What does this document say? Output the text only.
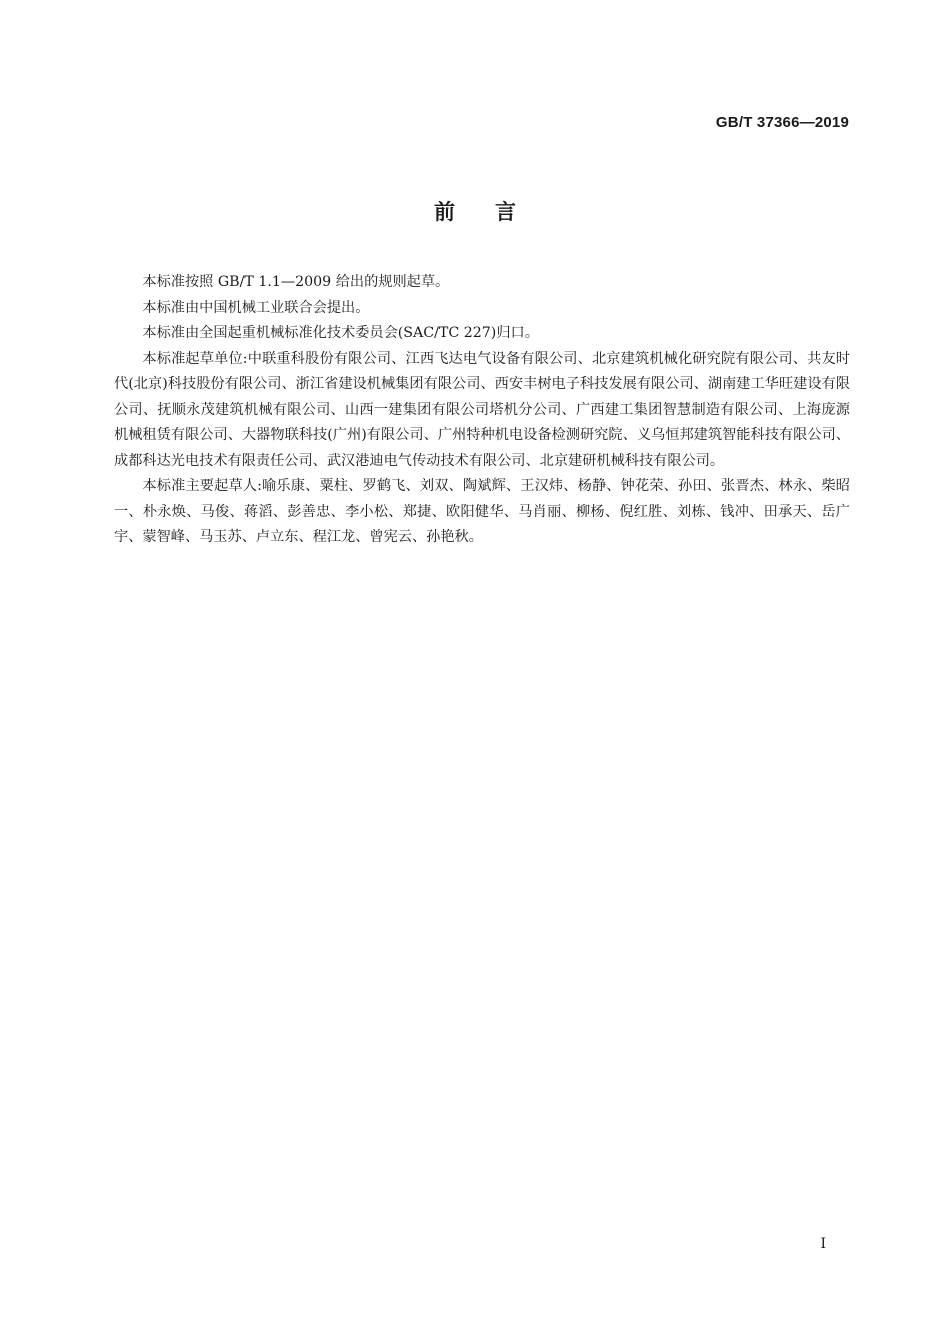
GB/T 37366—2019
前言

本标准按照 GB/T 1.1—2009 给出的规则起草。

本标准由中国机械工业联合会提出。

本标准由全国起重机械标准化技术委员会(SAC/TC 227)归口。

本标准起草单位:中联重科股份有限公司、江西飞达电气设备有限公司、北京建筑机械化研究院有限公司、共友时代(北京)科技股份有限公司、浙江省建设机械集团有限公司、西安丰树电子科技发展有限公司、湖南建工华旺建设有限公司、抚顺永茂建筑机械有限公司、山西一建集团有限公司塔机分公司、广西建工集团智慧制造有限公司、上海庞源机械租赁有限公司、大器物联科技(广州)有限公司、广州特种机电设备检测研究院、义乌恒邦建筑智能科技有限公司、成都科达光电技术有限责任公司、武汉港迪电气传动技术有限公司、北京建研机械科技有限公司。

本标准主要起草人:喻乐康、粟柱、罗鹤飞、刘双、陶斌辉、王汉炜、杨静、钟花荣、孙田、张晋杰、林永、柴昭一、朴永焕、马俊、蒋滔、彭善忠、李小松、郑捷、欧阳健华、马肖丽、柳杨、倪红胜、刘栋、钱冲、田承天、岳广宇、蒙智峰、马玉苏、卢立东、程江龙、曾宪云、孙艳秋。

I
